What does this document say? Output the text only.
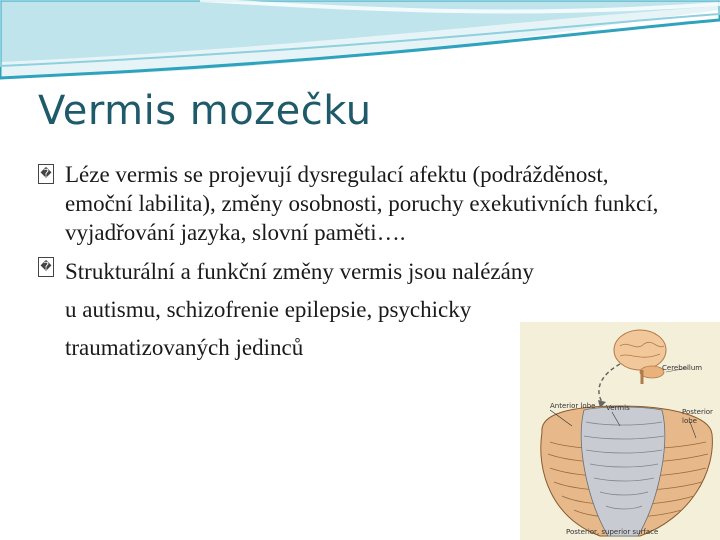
Vermis mozečku
� Léze vermis se projevují dysregulací afektu (podrážděnost, emoční labilita), změny osobnosti, poruchy exekutivních funkcí, vyjadřování jazyka, slovní paměti….
� Strukturální a funkční změny vermis jsou nalézány u autismu, schizofrenie epilepsie, psychicky traumatizovaných jedinců
Cerebellum
Anterior lobe Vermis	Posterior lobe
Posterior, superior surface
